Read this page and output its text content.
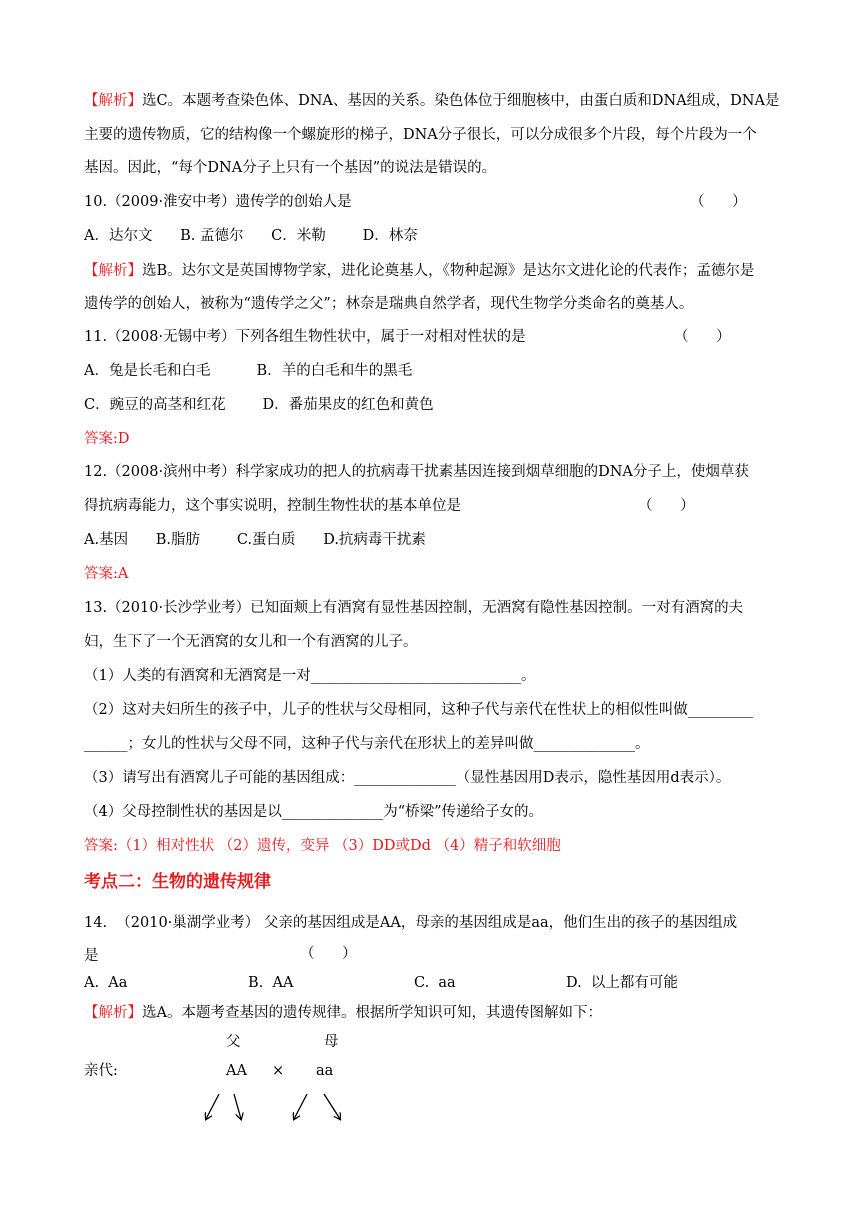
【解析】选C。本题考查染色体、DNA、基因的关系。染色体位于细胞核中，由蛋白质和DNA组成，DNA是
主要的遗传物质，它的结构像一个螺旋形的梯子，DNA分子很长，可以分成很多个片段，每个片段为一个
基因。因此，“每个DNA分子上只有一个基因”的说法是错误的。
10.（2009·淮安中考）遗传学的创始人是	（      ）
A．达尔文      B. 孟德尔      C．米勒        D．林奈
【解析】选B。达尔文是英国博物学家，进化论奠基人，《物种起源》是达尔文进化论的代表作；孟德尔是
遗传学的创始人，被称为“遗传学之父”；林奈是瑞典自然学者，现代生物学分类命名的奠基人。
11.（2008·无锡中考）下列各组生物性状中，属于一对相对性状的是	（      ）
A．兔是长毛和白毛          B．羊的白毛和牛的黑毛
C．豌豆的高茎和红花        D．番茄果皮的红色和黄色
答案:D
12.（2008·滨州中考）科学家成功的把人的抗病毒干扰素基因连接到烟草细胞的DNA分子上，使烟草获
得抗病毒能力，这个事实说明，控制生物性状的基本单位是	（      ）
A.基因      B.脂肪        C.蛋白质      D.抗病毒干扰素
答案:A
13.（2010·长沙学业考）已知面颊上有酒窝有显性基因控制，无酒窝有隐性基因控制。一对有酒窝的夫
妇，生下了一个无酒窝的女儿和一个有酒窝的儿子。
（1）人类的有酒窝和无酒窝是一对_____________________________。
（2）这对夫妇所生的孩子中，儿子的性状与父母相同，这种子代与亲代在性状上的相似性叫做_________
______；女儿的性状与父母不同，这种子代与亲代在形状上的差异叫做______________。
（3）请写出有酒窝儿子可能的基因组成：______________（显性基因用D表示，隐性基因用d表示）。
（4）父母控制性状的基因是以______________为“桥梁”传递给子女的。
答案:（1）相对性状 （2）遗传，变异 （3）DD或Dd （4）精子和软细胞
考点二：生物的遗传规律
14.  （2010·巢湖学业考） 父亲的基因组成是AA，母亲的基因组成是aa，他们生出的孩子的基因组成
是	（      ）
A.  Aa	B.  AA	C.  aa	D.  以上都有可能
【解析】选A。本题考查基因的遗传规律。根据所学知识可知，其遗传图解如下：
父	母
亲代:	AA × aa
